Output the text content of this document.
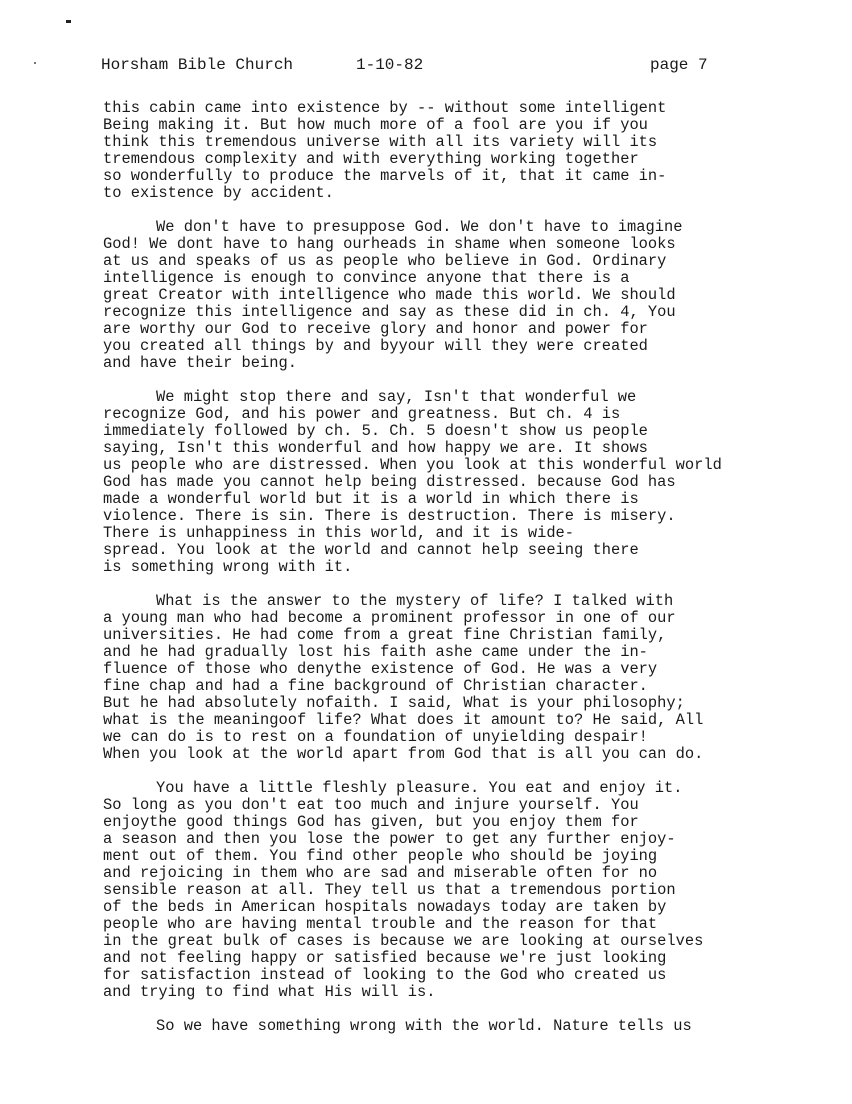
Horsham Bible Church	1-10-82	page 7
this cabin came into existence by -- without some intelligent
Being making it. But how much more of a fool are you if you
think this tremendous universe with all its variety will its
tremendous complexity and with everything working together
so wonderfully to produce the marvels of it, that it came in-
to existence by accident.
We don't have to presuppose God. We don't have to imagine
God! We dont have to hang ourheads in shame when someone looks
at us and speaks of us as people who believe in God. Ordinary
intelligence is enough to convince anyone that there is a
great Creator with intelligence who made this world. We should
recognize this intelligence and say as these did in ch. 4, You
are worthy our God to receive glory and honor and power for
you created all things by and byyour will they were created
and have their being.
We might stop there and say, Isn't that wonderful we
recognize God, and his power and greatness. But ch. 4 is
immediately followed by ch. 5. Ch. 5 doesn't show us people
saying, Isn't this wonderful and how happy we are. It shows
us people who are distressed. When you look at this wonderful world
God has made you cannot help being distressed. because God has
made a wonderful world but it is a world in which there is
violence. There is sin. There is destruction. There is misery.
There is unhappiness in this world, and it is wide-
spread. You look at the world and cannot help seeing there
is something wrong with it.
What is the answer to the mystery of life? I talked with
a young man who had become a prominent professor in one of our
universities. He had come from a great fine Christian family,
and he had gradually lost his faith ashe came under the in-
fluence of those who denythe existence of God. He was a very
fine chap and had a fine background of Christian character.
But he had absolutely nofaith. I said, What is your philosophy;
what is the meaningoof life? What does it amount to? He said, All
we can do is to rest on a foundation of unyielding despair!
When you look at the world apart from God that is all you can do.
You have a little fleshly pleasure. You eat and enjoy it.
So long as you don't eat too much and injure yourself. You
enjoythe good things God has given, but you enjoy them for
a season and then you lose the power to get any further enjoy-
ment out of them. You find other people who should be joying
and rejoicing in them who are sad and miserable often for no
sensible reason at all. They tell us that a tremendous portion
of the beds in American hospitals nowadays today are taken by
people who are having mental trouble and the reason for that
in the great bulk of cases is because we are looking at ourselves
and not feeling happy or satisfied because we're just looking
for satisfaction instead of looking to the God who created us
and trying to find what His will is.
So we have something wrong with the world. Nature tells us
